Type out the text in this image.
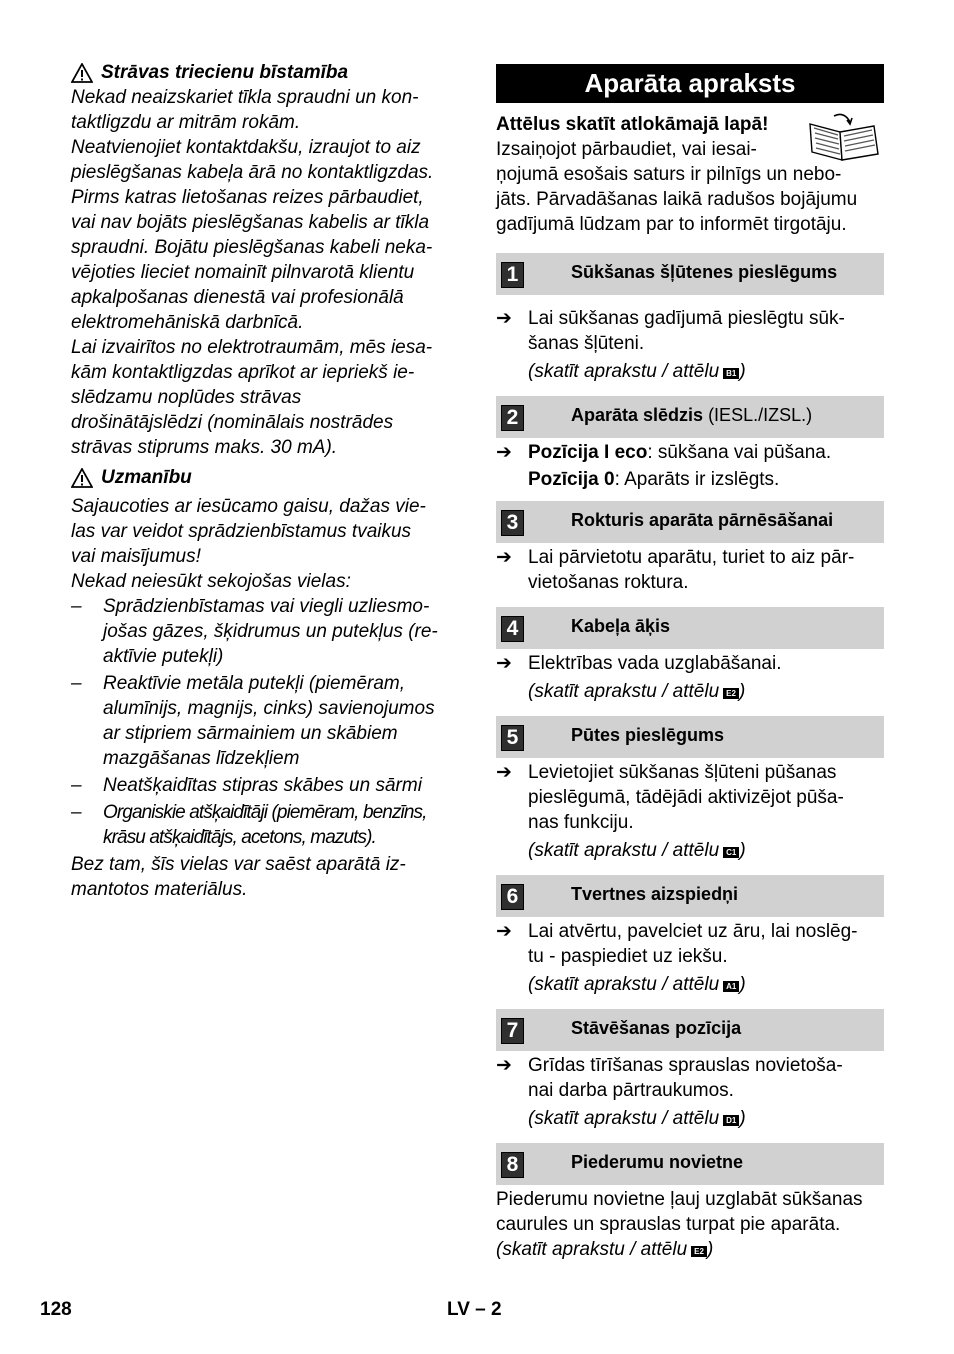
Strāvas triecienu bīstamība

Nekad neaizskariet tīkla spraudni un kon-

taktligzdu ar mitrām rokām.

Neatvienojiet kontaktdakšu, izraujot to aiz

pieslēgšanas kabeļa ārā no kontaktligzdas.

Pirms katras lietošanas reizes pārbaudiet,

vai nav bojāts pieslēgšanas kabelis ar tīkla

spraudni. Bojātu pieslēgšanas kabeli neka-

vējoties lieciet nomainīt pilnvarotā klientu

apkalpošanas dienestā vai profesionālā

elektromehāniskā darbnīcā.

Lai izvairītos no elektrotraumām, mēs iesa-

kām kontaktligzdas aprīkot ar iepriekš ie-

slēdzamu noplūdes strāvas

drošinātājslēdzi (nominālais nostrādes

strāvas stiprums maks. 30 mA).

Uzmanību

Sajaucoties ar iesūcamo gaisu, dažas vie-

las var veidot sprādzienbīstamus tvaikus

vai maisījumus!

Nekad neiesūkt sekojošas vielas:

–	Sprādzienbīstamas vai viegli uzliesmo-
jošas gāzes, šķidrumus un putekļus (re-
aktīvie putekļi)
–	Reaktīvie metāla putekļi (piemēram,
alumīnijs, magnijs, cinks) savienojumos
ar stipriem sārmainiem un skābiem
mazgāšanas līdzekļiem
–	Neatšķaidītas stipras skābes un sārmi
–	Organiskie atšķaidītāji (piemēram, benzīns,
krāsu atšķaidītājs, acetons, mazuts).

Bez tam, šīs vielas var saēst aparātā iz-

mantotos materiālus.

Aparāta apraksts

Attēlus skatīt atlokāmajā lapā!

Izsaiņojot pārbaudiet, vai iesai-

ņojumā esošais saturs ir pilnīgs un nebo-

jāts. Pārvadāšanas laikā radušos bojājumu

gadījumā lūdzam par to informēt tirgotāju.

1	Sūkšanas šļūtenes pieslēgums
➔ Lai sūkšanas gadījumā pieslēgtu sūk-
šanas šļūteni.
(skatīt aprakstu / attēlu B1 )
2	Aparāta slēdzis (IESL./IZSL.)
➔ Pozīcija I eco: sūkšana vai pūšana.
Pozīcija 0: Aparāts ir izslēgts.
3	Rokturis aparāta pārnēsāšanai
➔ Lai pārvietotu aparātu, turiet to aiz pār-
vietošanas roktura.
4	Kabeļa āķis
➔ Elektrības vada uzglabāšanai.
(skatīt aprakstu / attēlu E2 )
5	Pūtes pieslēgums
➔ Levietojiet sūkšanas šļūteni pūšanas
pieslēgumā, tādējādi aktivizējot pūša-
nas funkciju.
(skatīt aprakstu / attēlu C1 )
6	Tvertnes aizspiedņi
➔ Lai atvērtu, pavelciet uz āru, lai noslēg-
tu - paspiediet uz iekšu.
(skatīt aprakstu / attēlu A1 )
7	Stāvēšanas pozīcija
➔ Grīdas tīrīšanas sprauslas novietoša-
nai darba pārtraukumos.
(skatīt aprakstu / attēlu D1 )
8	Piederumu novietne

Piederumu novietne ļauj uzglabāt sūkšanas

caurules un sprauslas turpat pie aparāta.

(skatīt aprakstu / attēlu E2 )
128	LV – 2
